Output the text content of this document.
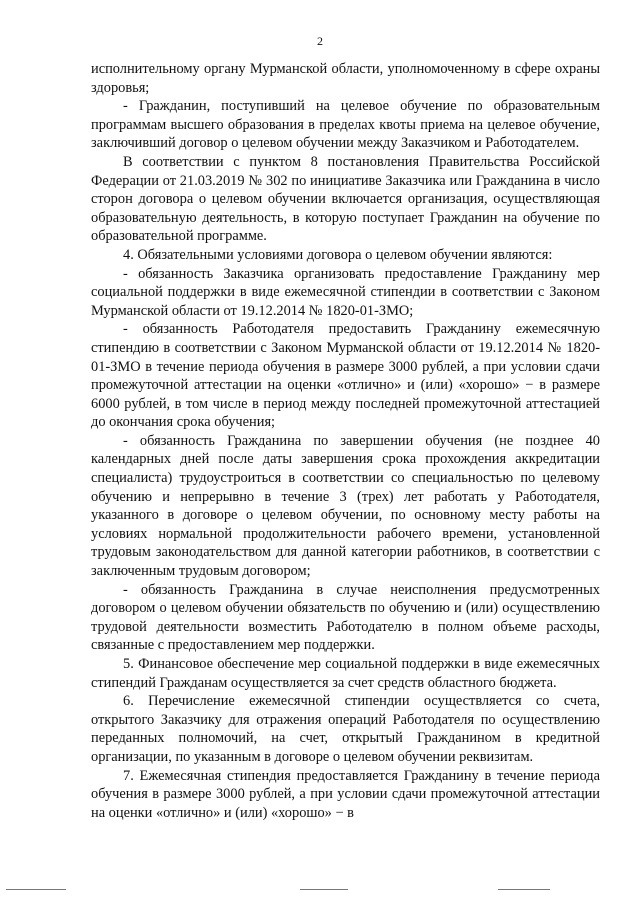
2

исполнительному органу Мурманской области, уполномоченному в сфере охраны здоровья;

- Гражданин, поступивший на целевое обучение по образовательным программам высшего образования в пределах квоты приема на целевое обучение, заключивший договор о целевом обучении между Заказчиком и Работодателем.

В соответствии с пунктом 8 постановления Правительства Российской Федерации от 21.03.2019 № 302 по инициативе Заказчика или Гражданина в число сторон договора о целевом обучении включается организация, осуществляющая образовательную деятельность, в которую поступает Гражданин на обучение по образовательной программе.

4. Обязательными условиями договора о целевом обучении являются:

- обязанность Заказчика организовать предоставление Гражданину мер социальной поддержки в виде ежемесячной стипендии в соответствии с Законом Мурманской области от 19.12.2014 № 1820-01-ЗМО;

- обязанность Работодателя предоставить Гражданину ежемесячную стипендию в соответствии с Законом Мурманской области от 19.12.2014 № 1820-01-ЗМО в течение периода обучения в размере 3000 рублей, а при условии сдачи промежуточной аттестации на оценки «отлично» и (или) «хорошо» − в размере 6000 рублей, в том числе в период между последней промежуточной аттестацией до окончания срока обучения;

- обязанность Гражданина по завершении обучения (не позднее 40 календарных дней после даты завершения срока прохождения аккредитации специалиста) трудоустроиться в соответствии со специальностью по целевому обучению и непрерывно в течение 3 (трех) лет работать у Работодателя, указанного в договоре о целевом обучении, по основному месту работы на условиях нормальной продолжительности рабочего времени, установленной трудовым законодательством для данной категории работников, в соответствии с заключенным трудовым договором;

- обязанность Гражданина в случае неисполнения предусмотренных договором о целевом обучении обязательств по обучению и (или) осуществлению трудовой деятельности возместить Работодателю в полном объеме расходы, связанные с предоставлением мер поддержки.

5. Финансовое обеспечение мер социальной поддержки в виде ежемесячных стипендий Гражданам осуществляется за счет средств областного бюджета.

6. Перечисление ежемесячной стипендии осуществляется со счета, открытого Заказчику для отражения операций Работодателя по осуществлению переданных полномочий, на счет, открытый Гражданином в кредитной организации, по указанным в договоре о целевом обучении реквизитам.

7. Ежемесячная стипендия предоставляется Гражданину в течение периода обучения в размере 3000 рублей, а при условии сдачи промежуточной аттестации на оценки «отлично» и (или) «хорошо» − в
